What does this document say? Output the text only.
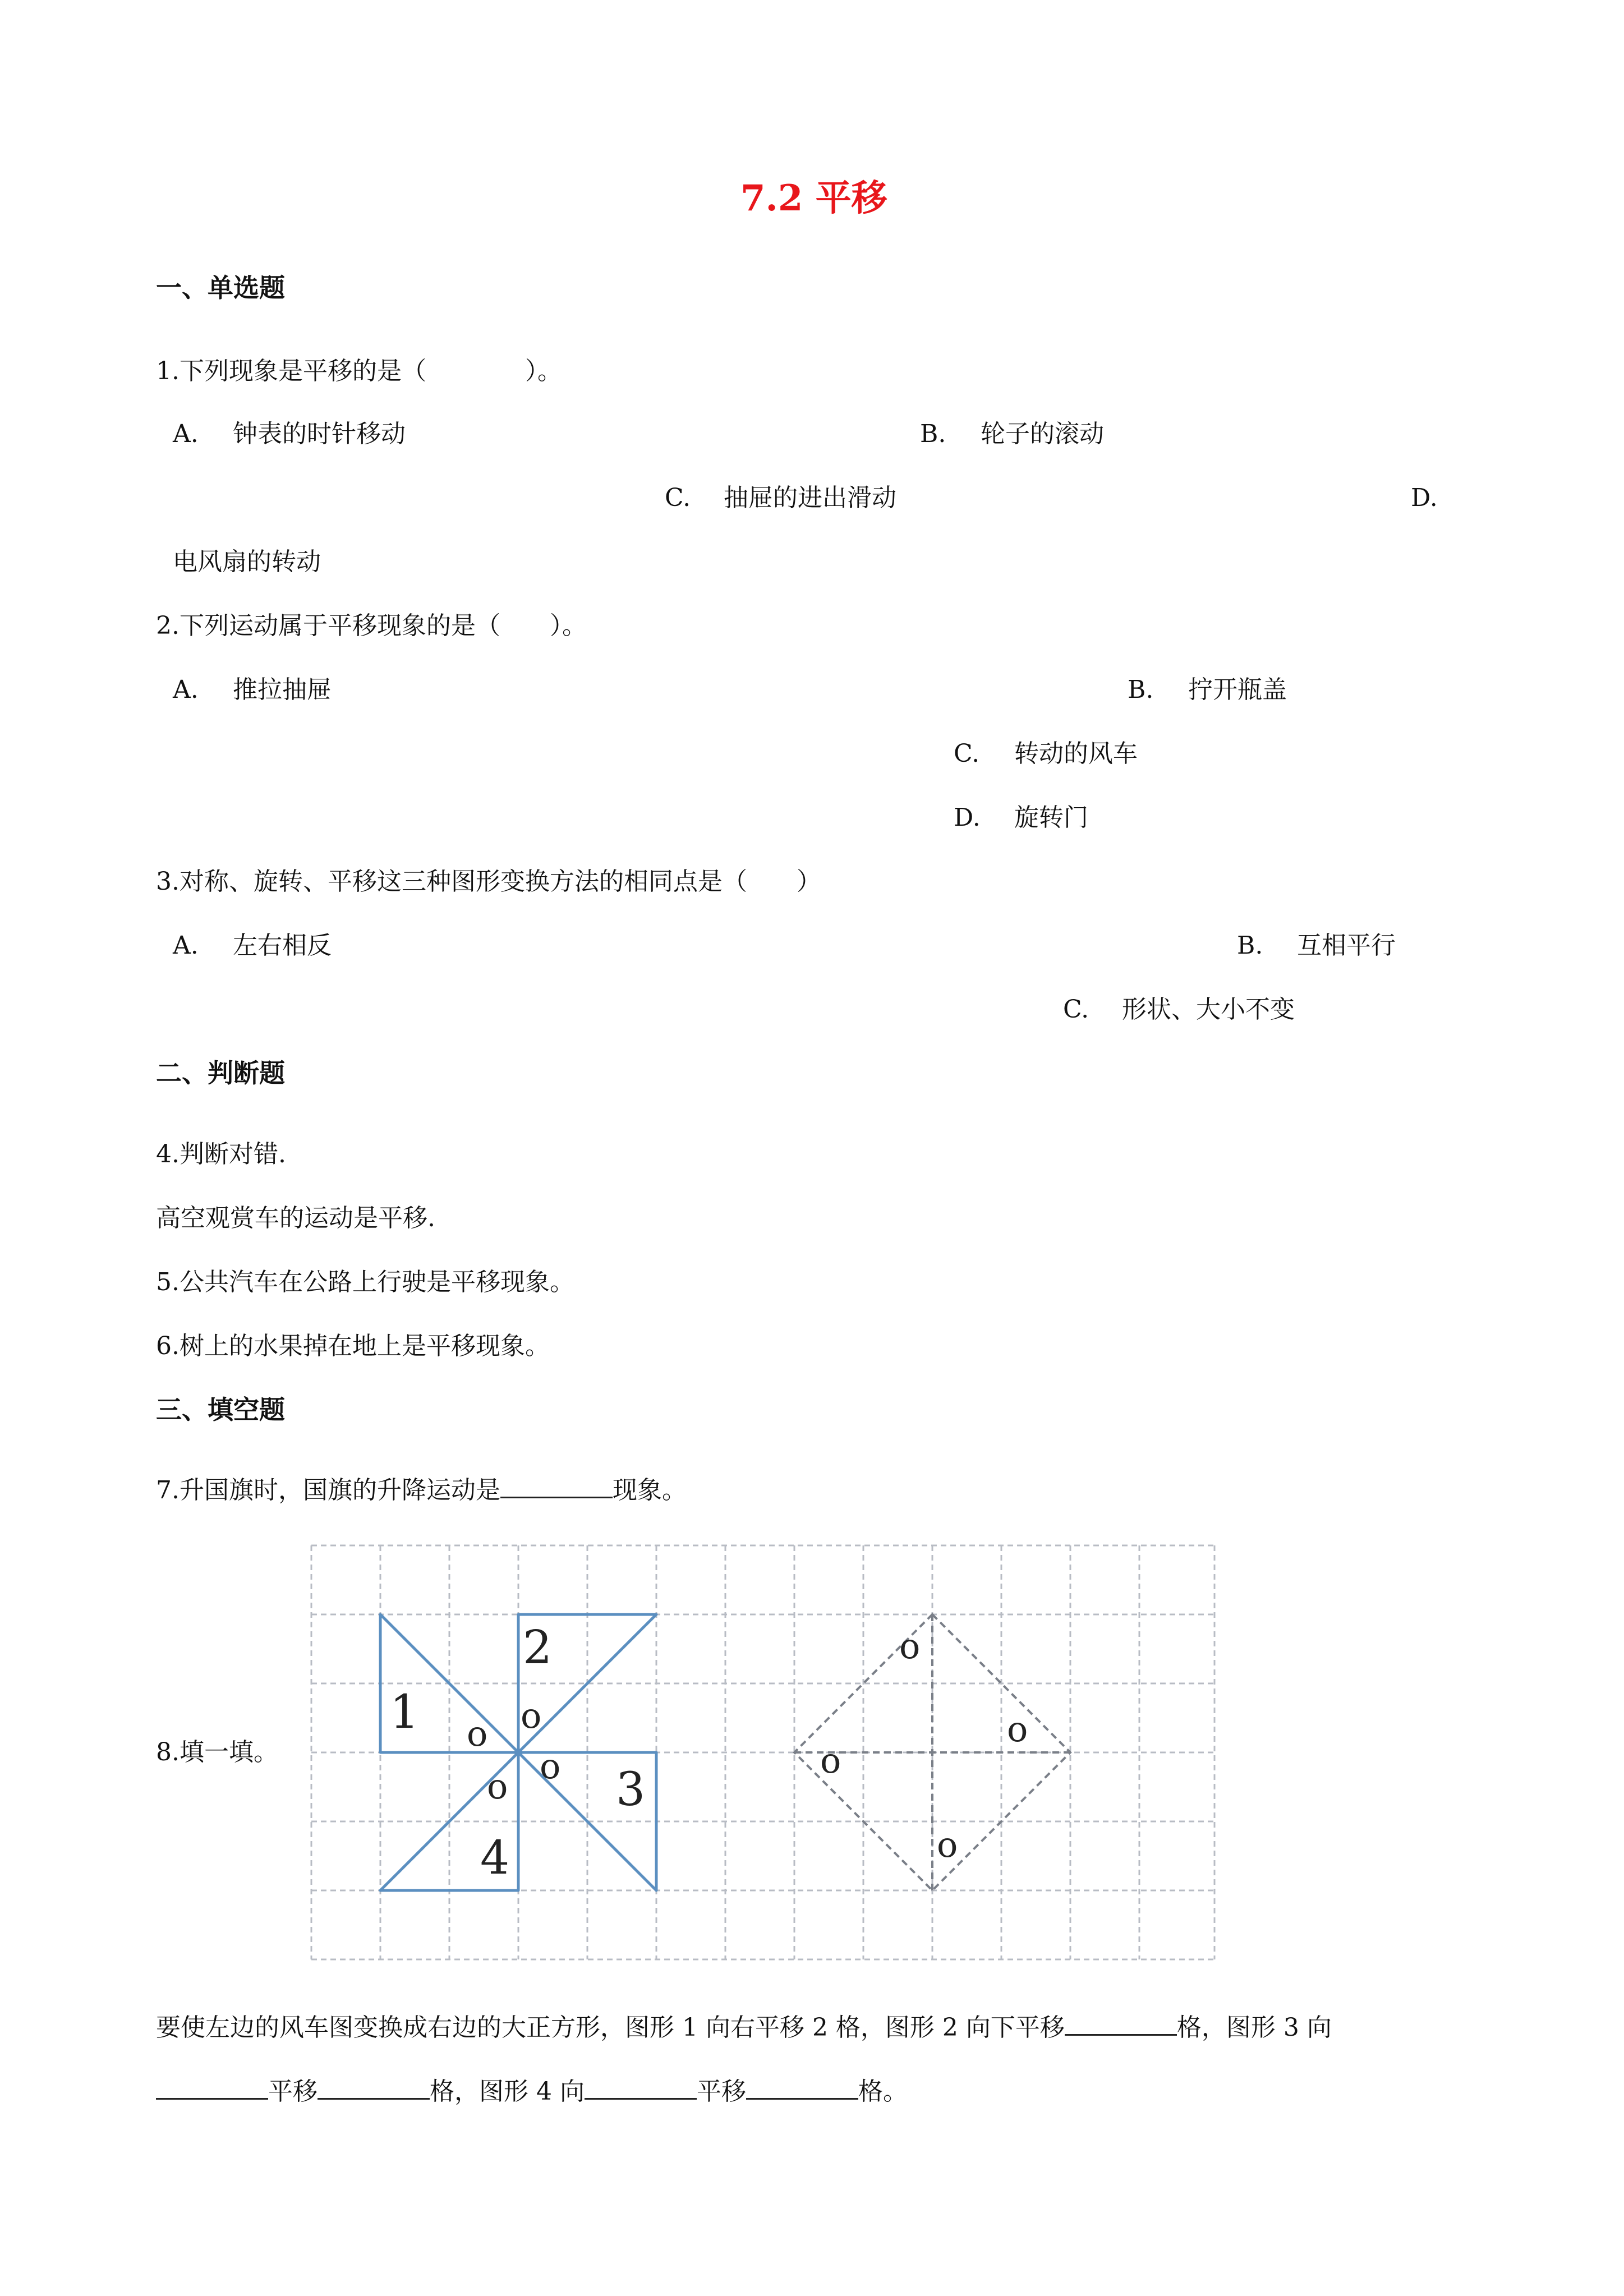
7.2 平移
一、单选题
1.下列现象是平移的是（　　　　）。
A. 钟表的时针移动	B. 轮子的滚动
C. 抽屉的进出滑动	D.
电风扇的转动
2.下列运动属于平移现象的是（　　）。
A. 推拉抽屉	B. 拧开瓶盖
C. 转动的风车
D. 旋转门
3.对称、旋转、平移这三种图形变换方法的相同点是（　　）
A. 左右相反	B. 互相平行
C. 形状、大小不变
二、判断题
4.判断对错.
高空观赏车的运动是平移.
5.公共汽车在公路上行驶是平移现象。
6.树上的水果掉在地上是平移现象。
三、填空题
7.升国旗时，国旗的升降运动是	现象。
8.填一填。
1
2
3
4
o o
o
o
o
o
o
o
要使左边的风车图变换成右边的大正方形，图形 1 向右平移 2 格，图形 2 向下平移	格，图形 3 向
平移	格，图形 4 向	平移	格。
